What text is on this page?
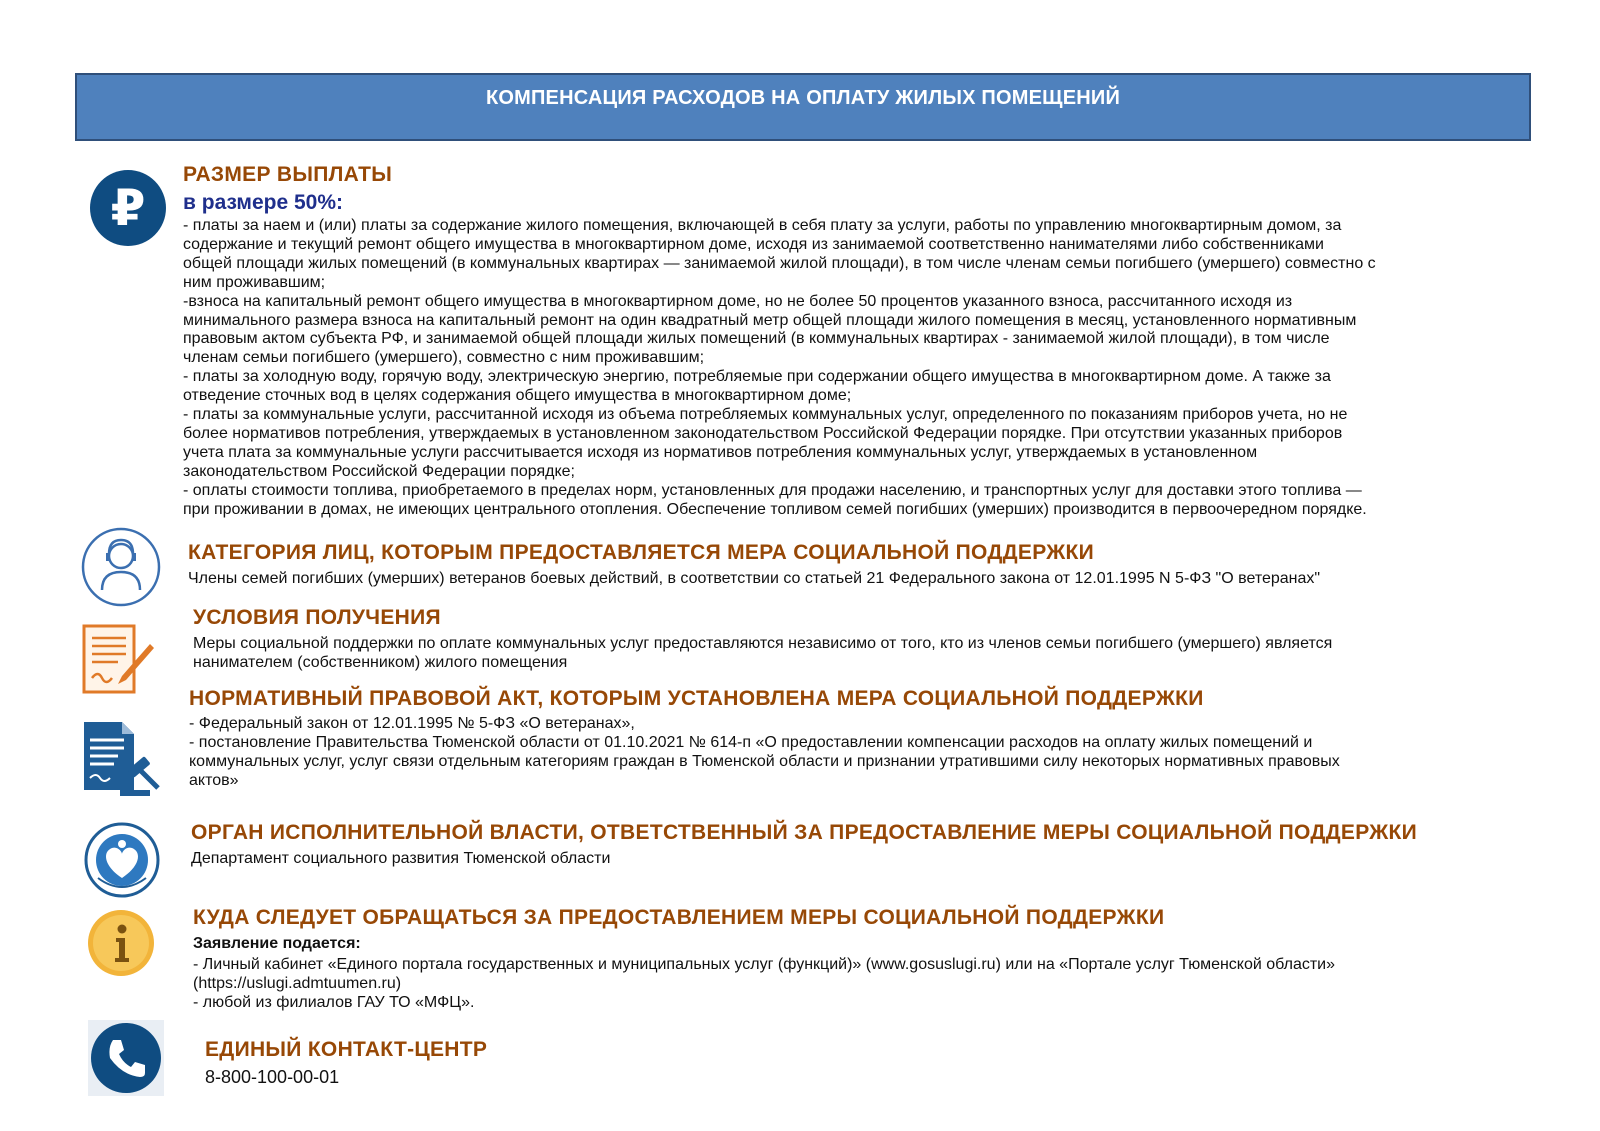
КОМПЕНСАЦИЯ РАСХОДОВ НА ОПЛАТУ ЖИЛЫХ ПОМЕЩЕНИЙ
₽
РАЗМЕР ВЫПЛАТЫ
в размере 50%:
- платы за наем и (или) платы за содержание жилого помещения, включающей в себя плату за услуги, работы по управлению многоквартирным домом, за
содержание и текущий ремонт общего имущества в многоквартирном доме, исходя из занимаемой соответственно нанимателями либо собственниками
общей площади жилых помещений (в коммунальных квартирах — занимаемой жилой площади), в том числе членам семьи погибшего (умершего) совместно с
ним проживавшим;
-взноса на капитальный ремонт общего имущества в многоквартирном доме, но не более 50 процентов указанного взноса, рассчитанного исходя из
минимального размера взноса на капитальный ремонт на один квадратный метр общей площади жилого помещения в месяц, установленного нормативным
правовым актом субъекта РФ, и занимаемой общей площади жилых помещений (в коммунальных квартирах - занимаемой жилой площади), в том числе
членам семьи погибшего (умершего), совместно с ним проживавшим;
- платы за холодную воду, горячую воду, электрическую энергию, потребляемые при содержании общего имущества в многоквартирном доме. А также за
отведение сточных вод в целях содержания общего имущества в многоквартирном доме;
- платы за коммунальные услуги, рассчитанной исходя из объема потребляемых коммунальных услуг, определенного по показаниям приборов учета, но не
более нормативов потребления, утверждаемых в установленном законодательством Российской Федерации порядке. При отсутствии указанных приборов
учета плата за коммунальные услуги рассчитывается исходя из нормативов потребления коммунальных услуг, утверждаемых в установленном
законодательством Российской Федерации порядке;
- оплаты стоимости топлива, приобретаемого в пределах норм, установленных для продажи населению, и транспортных услуг для доставки этого топлива —
при проживании в домах, не имеющих центрального отопления. Обеспечение топливом семей погибших (умерших) производится в первоочередном порядке.
КАТЕГОРИЯ ЛИЦ, КОТОРЫМ ПРЕДОСТАВЛЯЕТСЯ МЕРА СОЦИАЛЬНОЙ ПОДДЕРЖКИ
Члены семей погибших (умерших) ветеранов боевых действий, в соответствии со статьей 21 Федерального закона от 12.01.1995 N 5-ФЗ "О ветеранах"
УСЛОВИЯ ПОЛУЧЕНИЯ
Меры социальной поддержки по оплате коммунальных услуг предоставляются независимо от того, кто из членов семьи погибшего (умершего) является
нанимателем (собственником) жилого помещения
НОРМАТИВНЫЙ ПРАВОВОЙ АКТ, КОТОРЫМ УСТАНОВЛЕНА МЕРА СОЦИАЛЬНОЙ ПОДДЕРЖКИ
- Федеральный закон от 12.01.1995 № 5-ФЗ «О ветеранах»,
- постановление Правительства Тюменской области от 01.10.2021 № 614-п «О предоставлении компенсации расходов на оплату жилых помещений и
коммунальных услуг, услуг связи отдельным категориям граждан в Тюменской области и признании утратившими силу некоторых нормативных правовых
актов»
ОРГАН ИСПОЛНИТЕЛЬНОЙ ВЛАСТИ, ОТВЕТСТВЕННЫЙ ЗА ПРЕДОСТАВЛЕНИЕ МЕРЫ СОЦИАЛЬНОЙ ПОДДЕРЖКИ
Департамент социального развития Тюменской области
КУДА СЛЕДУЕТ ОБРАЩАТЬСЯ ЗА ПРЕДОСТАВЛЕНИЕМ МЕРЫ СОЦИАЛЬНОЙ ПОДДЕРЖКИ
Заявление подается:
- Личный кабинет «Единого портала государственных и муниципальных услуг (функций)» (www.gosuslugi.ru) или на «Портале услуг Тюменской области»
(https://uslugi.admtuumen.ru)
- любой из филиалов ГАУ ТО «МФЦ».
ЕДИНЫЙ КОНТАКТ-ЦЕНТР
8-800-100-00-01
